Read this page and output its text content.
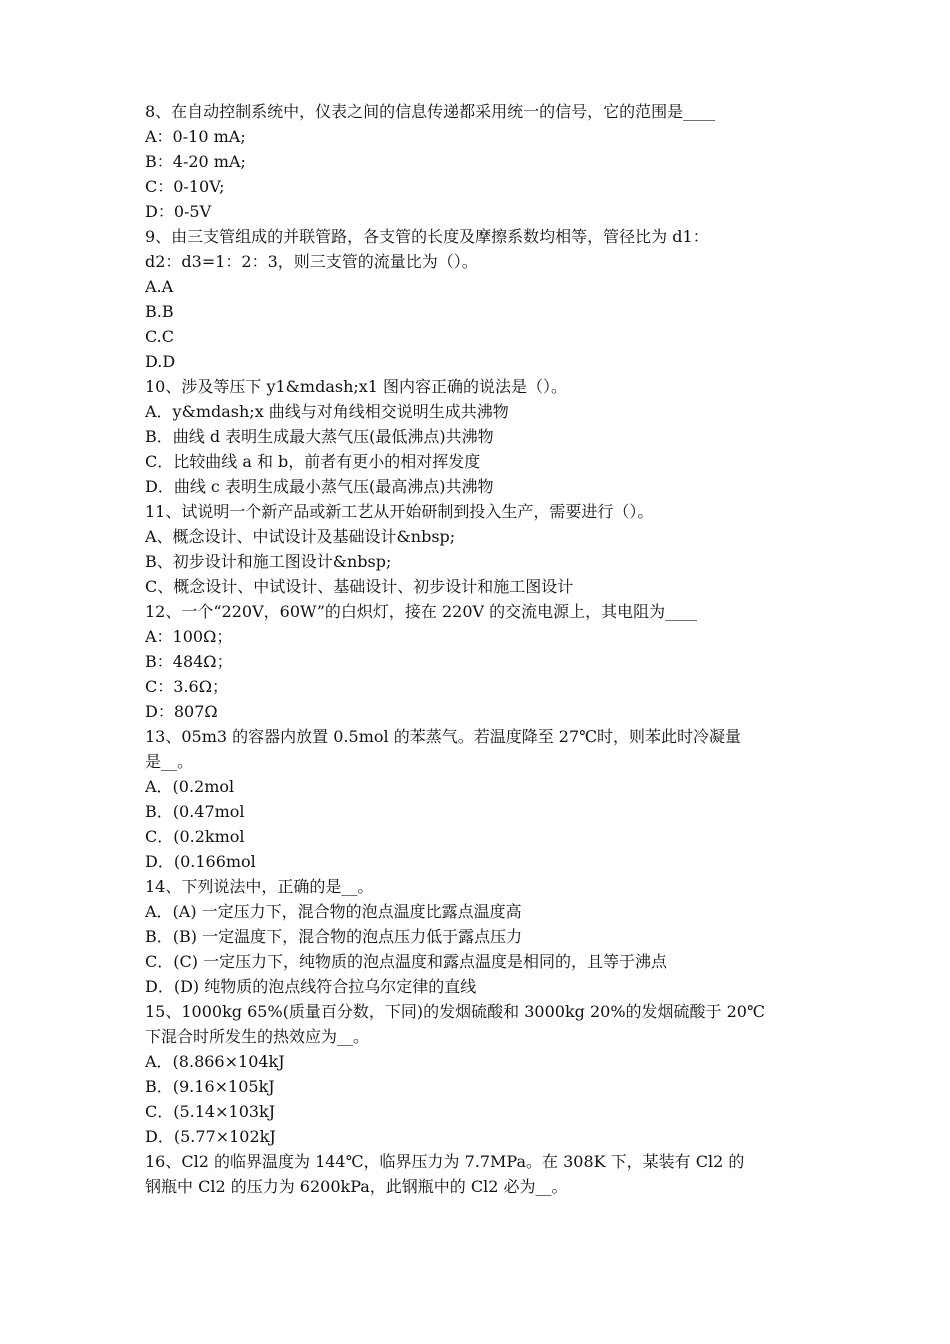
8、在自动控制系统中，仪表之间的信息传递都采用统一的信号，它的范围是____
A：0-10 mA;
B：4-20 mA;
C：0-10V;
D：0-5V
9、由三支管组成的并联管路，各支管的长度及摩擦系数均相等，管径比为 d1：
d2：d3=1：2：3，则三支管的流量比为（）。
A.A
B.B
C.C
D.D
10、涉及等压下 y1&mdash;x1 图内容正确的说法是（）。
A．y&mdash;x 曲线与对角线相交说明生成共沸物
B．曲线 d 表明生成最大蒸气压(最低沸点)共沸物
C．比较曲线 a 和 b，前者有更小的相对挥发度
D．曲线 c 表明生成最小蒸气压(最高沸点)共沸物
11、试说明一个新产品或新工艺从开始研制到投入生产，需要进行（）。
A、概念设计、中试设计及基础设计&nbsp;
B、初步设计和施工图设计&nbsp;
C、概念设计、中试设计、基础设计、初步设计和施工图设计
12、一个“220V，60W”的白炽灯，接在 220V 的交流电源上，其电阻为____
A：100Ω；
B：484Ω；
C：3.6Ω；
D：807Ω
13、05m3 的容器内放置 0.5mol 的苯蒸气。若温度降至 27℃时，则苯此时冷凝量
是__。
A．(0.2mol
B．(0.47mol
C．(0.2kmol
D．(0.166mol
14、下列说法中，正确的是__。
A．(A) 一定压力下，混合物的泡点温度比露点温度高
B．(B) 一定温度下，混合物的泡点压力低于露点压力
C．(C) 一定压力下，纯物质的泡点温度和露点温度是相同的，且等于沸点
D．(D) 纯物质的泡点线符合拉乌尔定律的直线
15、1000kg 65%(质量百分数，下同)的发烟硫酸和 3000kg 20%的发烟硫酸于 20℃
下混合时所发生的热效应为__。
A．(8.866×104kJ
B．(9.16×105kJ
C．(5.14×103kJ
D．(5.77×102kJ
16、Cl2 的临界温度为 144℃，临界压力为 7.7MPa。在 308K 下，某装有 Cl2 的
钢瓶中 Cl2 的压力为 6200kPa，此钢瓶中的 Cl2 必为__。
